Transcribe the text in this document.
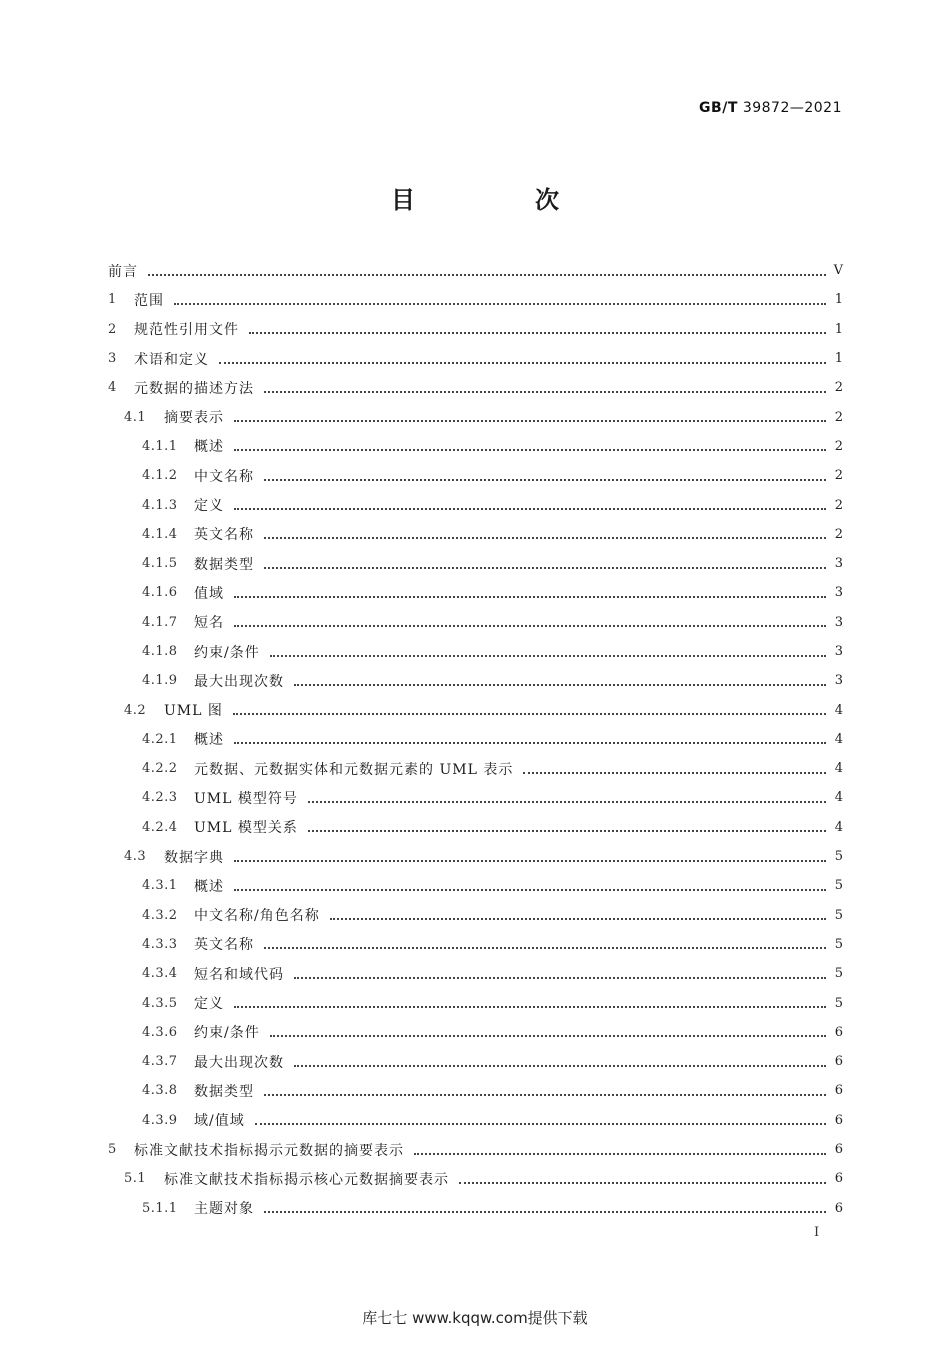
GB/T 39872—2021
目　次
前言	V
1	范围	1
2	规范性引用文件	1
3	术语和定义	1
4	元数据的描述方法	2
4.1	摘要表示	2
4.1.1	概述	2
4.1.2	中文名称	2
4.1.3	定义	2
4.1.4	英文名称	2
4.1.5	数据类型	3
4.1.6	值域	3
4.1.7	短名	3
4.1.8	约束/条件	3
4.1.9	最大出现次数	3
4.2	UML 图	4
4.2.1	概述	4
4.2.2	元数据、元数据实体和元数据元素的 UML 表示	4
4.2.3	UML 模型符号	4
4.2.4	UML 模型关系	4
4.3	数据字典	5
4.3.1	概述	5
4.3.2	中文名称/角色名称	5
4.3.3	英文名称	5
4.3.4	短名和域代码	5
4.3.5	定义	5
4.3.6	约束/条件	6
4.3.7	最大出现次数	6
4.3.8	数据类型	6
4.3.9	域/值域	6
5	标准文献技术指标揭示元数据的摘要表示	6
5.1	标准文献技术指标揭示核心元数据摘要表示	6
5.1.1	主题对象	6
I
库七七 www.kqqw.com提供下载
